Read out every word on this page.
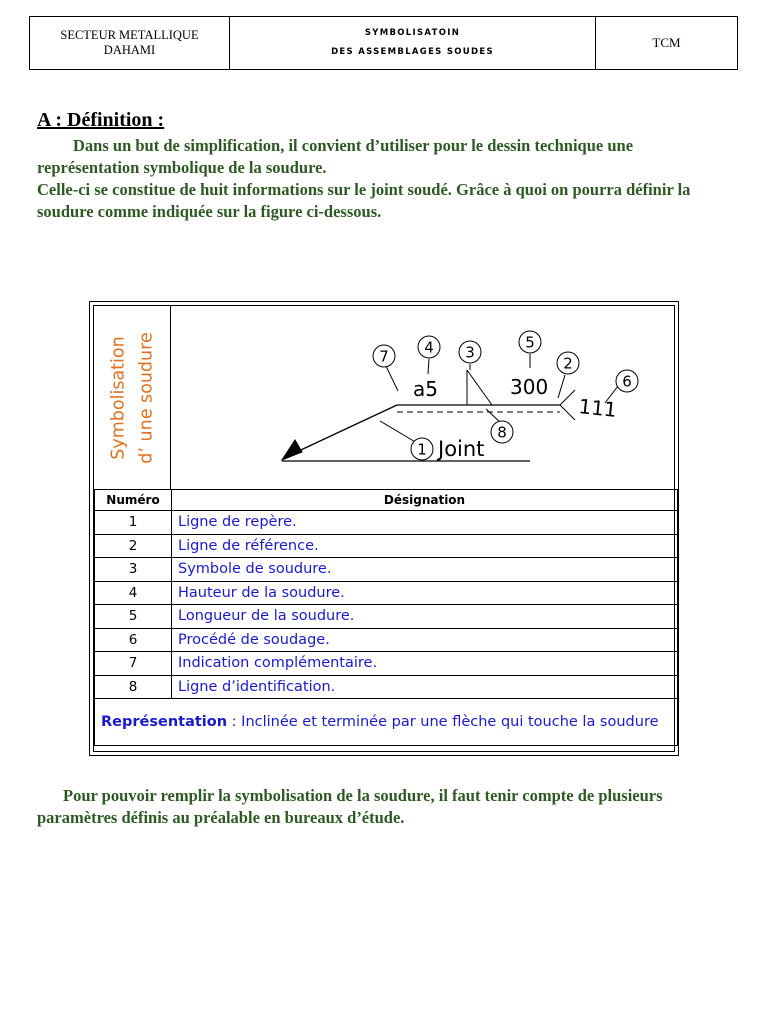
SECTEUR METALLIQUE
DAHAMI
SYMBOLISATOIN
DES ASSEMBLAGES SOUDES
TCM
A : Définition :

Dans un but de simplification, il convient d’utiliser pour le dessin technique une représentation symbolique de la soudure.

Celle-ci se constitue de huit informations sur le joint soudé. Grâce à quoi on pourra définir la soudure comme indiquée sur la figure ci-dessous.

Symbolisation d’ une soudure	7 4 3
5
2
6
8
1
a5	300
111
Joint
Numéro	Désignation
1	Ligne de repère.
2	Ligne de référence.
3	Symbole de soudure.
4	Hauteur de la soudure.
5	Longueur de la soudure.
6	Procédé de soudage.
7	Indication complémentaire.
8	Ligne d’identification.
Représentation : Inclinée et terminée par une flèche qui touche la soudure	

Pour pouvoir remplir la symbolisation de la soudure, il faut tenir compte de plusieurs paramètres définis au préalable en bureaux d’étude.
